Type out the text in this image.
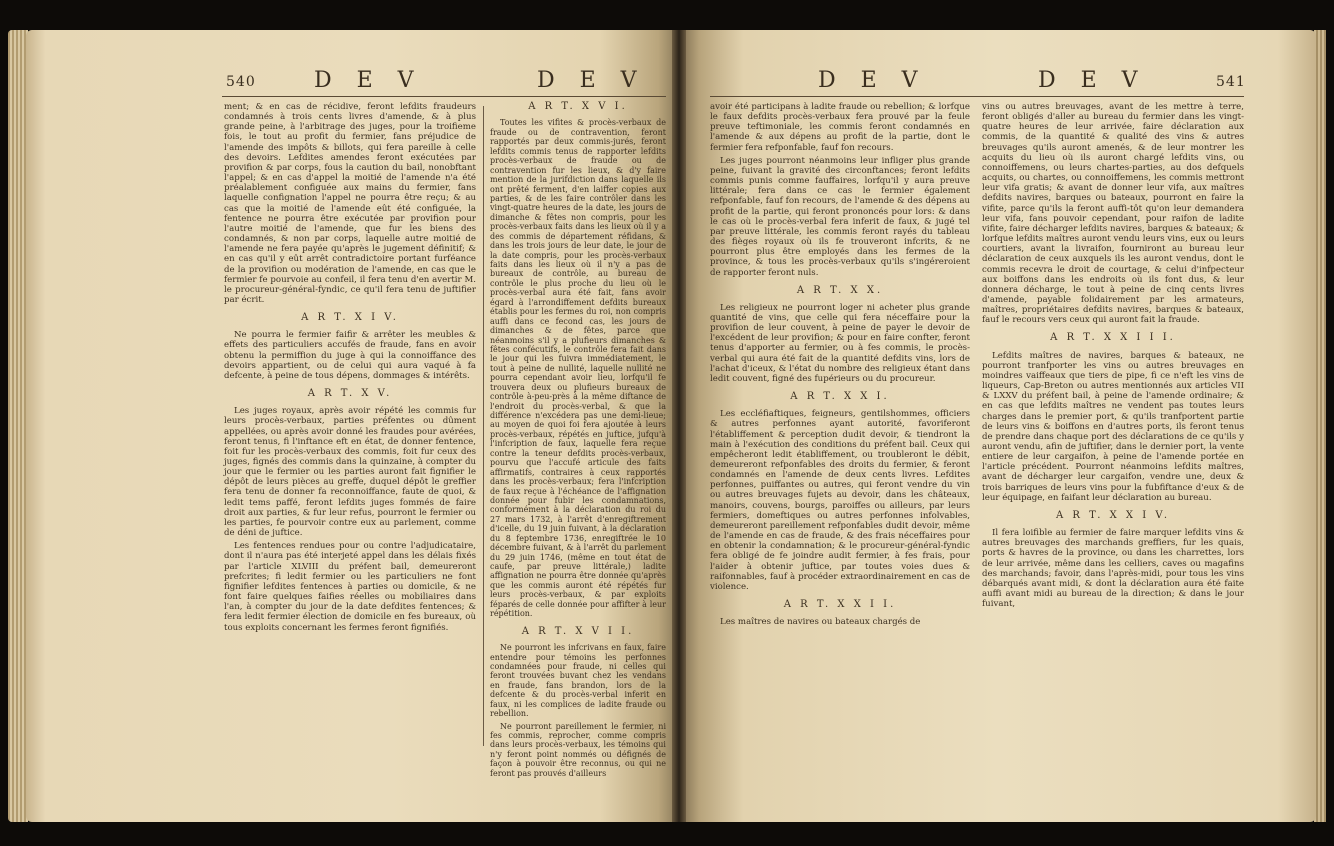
540	D E V	D E V

ment; & en cas de récidive, feront lefdits fraudeurs condamnés à trois cents livres d'amende, & à plus grande peine, à l'arbitrage des juges, pour la troifieme fois, le tout au profit du fermier, fans préjudice de l'amende des impôts & billots, qui fera pareille à celle des devoirs. Lefdites amendes feront exécutées par provifion & par corps, fous la caution du bail, nonobftant l'appel; & en cas d'appel la moitié de l'amende n'a été préalablement configuée aux mains du fermier, fans laquelle confignation l'appel ne pourra être reçu; & au cas que la moitié de l'amende eût été configuée, la fentence ne pourra être exécutée par provifion pour l'autre moitié de l'amende, que fur les biens des condamnés, & non par corps, laquelle autre moitié de l'amende ne fera payée qu'après le jugement définitif; & en cas qu'il y eût arrêt contradictoire portant furféance de la provifion ou modération de l'amende, en cas que le fermier fe pourvoie au confeil, il fera tenu d'en avertir M. le procureur-général-fyndic, ce qu'il fera tenu de juftifier par écrit.

A R T. X I V.

Ne pourra le fermier faifir & arrêter les meubles & effets des particuliers accufés de fraude, fans en avoir obtenu la permiffion du juge à qui la connoiffance des devoirs appartient, ou de celui qui aura vaqué à fa defcente, à peine de tous dépens, dommages & intérêts.

A R T. X V.

Les juges royaux, après avoir répété les commis fur leurs procès-verbaux, parties préfentes ou dûment appellées, ou après avoir donné les fraudes pour avérées, feront tenus, fi l'inftance eft en état, de donner fentence, foit fur les procès-verbaux des commis, foit fur ceux des juges, fignés des commis dans la quinzaine, à compter du jour que le fermier ou les parties auront fait fignifier le dépôt de leurs pièces au greffe, duquel dépôt le greffier fera tenu de donner fa reconnoiffance, faute de quoi, & ledit tems paffé, feront lefdits juges fommés de faire droit aux parties, & fur leur refus, pourront le fermier ou les parties, fe pourvoir contre eux au parlement, comme de déni de juftice.

Les fentences rendues pour ou contre l'adjudicataire, dont il n'aura pas été interjeté appel dans les délais fixés par l'article XLVIII du préfent bail, demeureront prefcrites; fi ledit fermier ou les particuliers ne font fignifier lefdites fentences à parties ou domicile, & ne font faire quelques faifies réelles ou mobiliaires dans l'an, à compter du jour de la date defdites fentences; & fera ledit fermier élection de domicile en fes bureaux, où tous exploits concernant les fermes feront fignifiés.

A R T. X V I.

Toutes les vifites & procès-verbaux de fraude ou de contravention, feront rapportés par deux commis-jurés, feront lefdits commis tenus de rapporter lefdits procès-verbaux de fraude ou de contravention fur les lieux, & d'y faire mention de la jurifdiction dans laquelle ils ont prêté ferment, d'en laiffer copies aux parties, & de les faire contrôler dans les vingt-quatre heures de la date, les jours de dimanche & fêtes non compris, pour les procès-verbaux faits dans les lieux où il y a des commis de département réfidans, & dans les trois jours de leur date, le jour de la date compris, pour les procès-verbaux faits dans les lieux où il n'y a pas de bureaux de contrôle, au bureau de contrôle le plus proche du lieu où le procès-verbal aura été fait, fans avoir égard à l'arrondiffement defdits bureaux établis pour les fermes du roi, non compris auffi dans ce fecond cas, les jours de dimanches & de fêtes, parce que néanmoins s'il y a plufieurs dimanches & fêtes confécutifs, le contrôle fera fait dans le jour qui les fuivra immédiatement, le tout à peine de nullité, laquelle nullité ne pourra cependant avoir lieu, lorfqu'il fe trouvera deux ou plufieurs bureaux de contrôle à-peu-près à la même diftance de l'endroit du procès-verbal, & que la différence n'excédera pas une demi-lieue; au moyen de quoi foi fera ajoutée à leurs procès-verbaux, répétés en juftice, jufqu'à l'infcription de faux, laquelle fera reçue contre la teneur defdits procès-verbaux, pourvu que l'accufé articule des faits affirmatifs, contraires à ceux rapportés dans les procès-verbaux; fera l'infcription de faux reçue à l'échéance de l'affignation donnée pour fubir les condamnations, conformément à la déclaration du roi du 27 mars 1732, à l'arrêt d'enregiftrement d'icelle, du 19 juin fuivant, à la déclaration du 8 feptembre 1736, enregiftrée le 10 décembre fuivant, & à l'arrêt du parlement du 29 juin 1746, (même en tout état de caufe, par preuve littérale,) ladite affignation ne pourra être donnée qu'après que les commis auront été répétés fur leurs procès-verbaux, & par exploits féparés de celle donnée pour affifter à leur répétition.

A R T. X V I I.

Ne pourront les infcrivans en faux, faire entendre pour témoins les perfonnes condamnées pour fraude, ni celles qui feront trouvées buvant chez les vendans en fraude, fans brandon, lors de la defcente & du procès-verbal inferit en faux, ni les complices de ladite fraude ou rebellion.

Ne pourront pareillement le fermier, ni fes commis, reprocher, comme compris dans leurs procès-verbaux, les témoins qui n'y feront point nommés ou défignés de façon à pouvoir être reconnus, ou qui ne feront pas prouvés d'ailleurs

D E V	D E V	541

avoir été participans à ladite fraude ou rebellion; & lorfque le faux defdits procès-verbaux fera prouvé par la feule preuve teftimoniale, les commis feront condamnés en l'amende & aux dépens au profit de la partie, dont le fermier fera refponfable, fauf fon recours.

Les juges pourront néanmoins leur infliger plus grande peine, fuivant la gravité des circonftances; feront lefdits commis punis comme fauffaires, lorfqu'il y aura preuve littérale; fera dans ce cas le fermier également refponfable, fauf fon recours, de l'amende & des dépens au profit de la partie, qui feront prononcés pour lors: & dans le cas où le procès-verbal fera inferit de faux, & jugé tel par preuve littérale, les commis feront rayés du tableau des fièges royaux où ils fe trouveront infcrits, & ne pourront plus être employés dans les fermes de la province, & tous les procès-verbaux qu'ils s'ingéreroient de rapporter feront nuls.

A R T. X X.

Les religieux ne pourront loger ni acheter plus grande quantité de vins, que celle qui fera néceffaire pour la provifion de leur couvent, à peine de payer le devoir de l'excédent de leur provifion; & pour en faire confter, feront tenus d'apporter au fermier, ou à fes commis, le procès-verbal qui aura été fait de la quantité defdits vins, lors de l'achat d'iceux, & l'état du nombre des religieux étant dans ledit couvent, figné des fupérieurs ou du procureur.

A R T. X X I.

Les eccléfiaftiques, feigneurs, gentilshommes, officiers & autres perfonnes ayant autorité, favoriferont l'établiffement & perception dudit devoir, & tiendront la main à l'exécution des conditions du préfent bail. Ceux qui empêcheront ledit établiffement, ou troubleront le débit, demeureront refponfables des droits du fermier, & feront condamnés en l'amende de deux cents livres. Lefdites perfonnes, puiffantes ou autres, qui feront vendre du vin ou autres breuvages fujets au devoir, dans les châteaux, manoirs, couvens, bourgs, paroiffes ou ailleurs, par leurs fermiers, domeftiques ou autres perfonnes infolvables, demeureront pareillement refponfables dudit devoir, même de l'amende en cas de fraude, & des frais néceffaires pour en obtenir la condamnation; & le procureur-général-fyndic fera obligé de fe joindre audit fermier, à fes frais, pour l'aider à obtenir juftice, par toutes voies dues & raifonnables, fauf à procéder extraordinairement en cas de violence.

A R T. X X I I.

Les maîtres de navires ou bateaux chargés de

vins ou autres breuvages, avant de les mettre à terre, feront obligés d'aller au bureau du fermier dans les vingt-quatre heures de leur arrivée, faire déclaration aux commis, de la quantité & qualité des vins & autres breuvages qu'ils auront amenés, & de leur montrer les acquits du lieu où ils auront chargé lefdits vins, ou connoiffemens, ou leurs chartes-parties, au dos defquels acquits, ou chartes, ou connoiffemens, les commis mettront leur vifa gratis; & avant de donner leur vifa, aux maîtres defdits navires, barques ou bateaux, pourront en faire la vifite, parce qu'ils la feront auffi-tôt qu'on leur demandera leur vifa, fans pouvoir cependant, pour raifon de ladite vifite, faire décharger lefdits navires, barques & bateaux; & lorfque lefdits maîtres auront vendu leurs vins, eux ou leurs courtiers, avant la livraifon, fourniront au bureau leur déclaration de ceux auxquels ils les auront vendus, dont le commis recevra le droit de courtage, & celui d'infpecteur aux boiffons dans les endroits où ils font dus, & leur donnera décharge, le tout à peine de cinq cents livres d'amende, payable folidairement par les armateurs, maîtres, propriétaires defdits navires, barques & bateaux, fauf le recours vers ceux qui auront fait la fraude.

A R T. X X I I I.

Lefdits maîtres de navires, barques & bateaux, ne pourront tranfporter les vins ou autres breuvages en moindres vaiffeaux que tiers de pipe, fi ce n'eft les vins de liqueurs, Cap-Breton ou autres mentionnés aux articles VII & LXXV du préfent bail, à peine de l'amende ordinaire; & en cas que lefdits maîtres ne vendent pas toutes leurs charges dans le premier port, & qu'ils tranfportent partie de leurs vins & boiffons en d'autres ports, ils feront tenus de prendre dans chaque port des déclarations de ce qu'ils y auront vendu, afin de juftifier, dans le dernier port, la vente entiere de leur cargaifon, à peine de l'amende portée en l'article précédent. Pourront néanmoins lefdits maîtres, avant de décharger leur cargaifon, vendre une, deux & trois barriques de leurs vins pour la fubfiftance d'eux & de leur équipage, en faifant leur déclaration au bureau.

A R T. X X I V.

Il fera loifible au fermier de faire marquer lefdits vins & autres breuvages des marchands greffiers, fur les quais, ports & havres de la province, ou dans les charrettes, lors de leur arrivée, même dans les celliers, caves ou magafins des marchands; favoir, dans l'après-midi, pour tous les vins débarqués avant midi, & dont la déclaration aura été faite auffi avant midi au bureau de la direction; & dans le jour fuivant,
